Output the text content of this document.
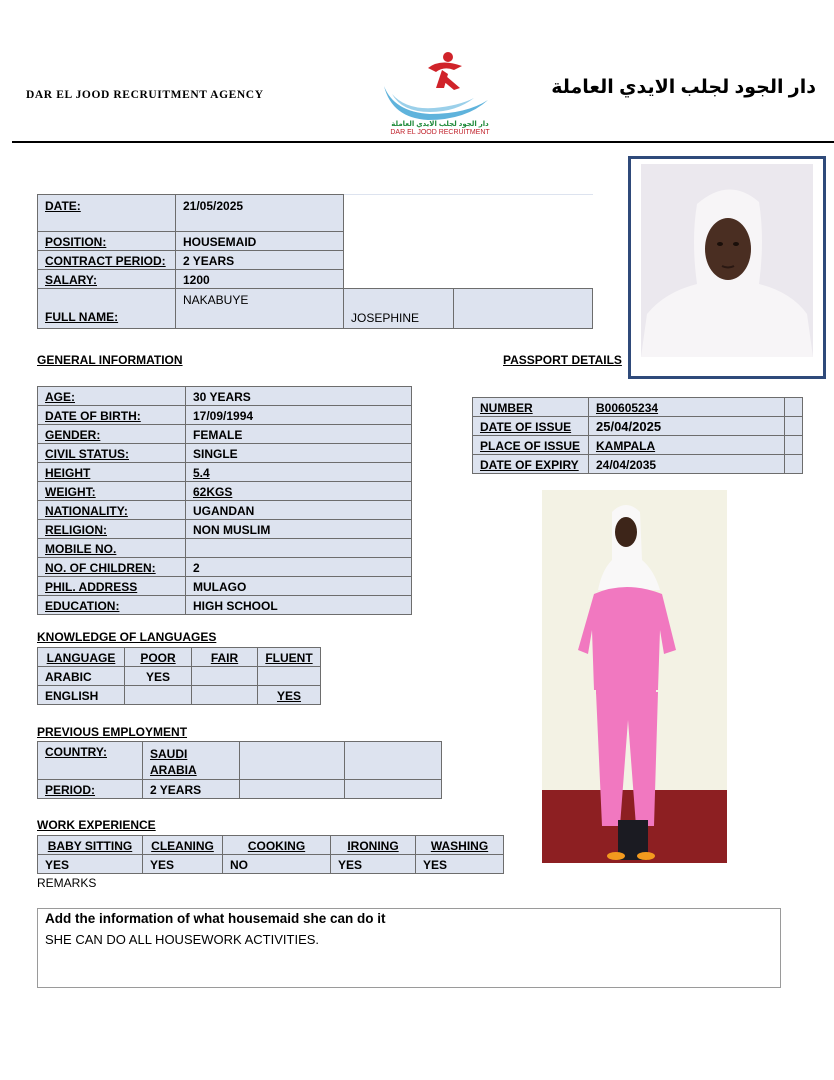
DAR EL JOOD RECRUITMENT AGENCY
دار الجود لجلب الايدي العاملة
DAR EL JOOD RECRUITMENT
دار الجود لجلب الايدي العاملة
DATE:	21/05/2025		
POSITION:	HOUSEMAID		
CONTRACT PERIOD:	2 YEARS		
SALARY:	1200		
FULL NAME:	NAKABUYE	JOSEPHINE	
GENERAL INFORMATION
AGE:	30 YEARS
DATE OF BIRTH:	17/09/1994
GENDER:	FEMALE
CIVIL STATUS:	SINGLE
HEIGHT	5.4
WEIGHT:	62KGS
NATIONALITY:	UGANDAN
RELIGION:	NON MUSLIM
MOBILE NO.	
NO. OF CHILDREN:	2
PHIL. ADDRESS	MULAGO
EDUCATION:	HIGH SCHOOL
PASSPORT DETAILS
NUMBER	B00605234	
DATE OF ISSUE	25/04/2025	
PLACE OF ISSUE	KAMPALA	
DATE OF EXPIRY	24/04/2035	
KNOWLEDGE OF LANGUAGES
LANGUAGE	POOR	FAIR	FLUENT
ARABIC	YES		
ENGLISH			YES
PREVIOUS EMPLOYMENT
COUNTRY:	SAUDI
ARABIA		

PERIOD:	2 YEARS		
WORK EXPERIENCE
BABY SITTING	CLEANING	COOKING	IRONING	WASHING
YES	YES	NO	YES	YES
REMARKS
Add the information of what housemaid she can do it
SHE CAN DO ALL HOUSEWORK ACTIVITIES.
